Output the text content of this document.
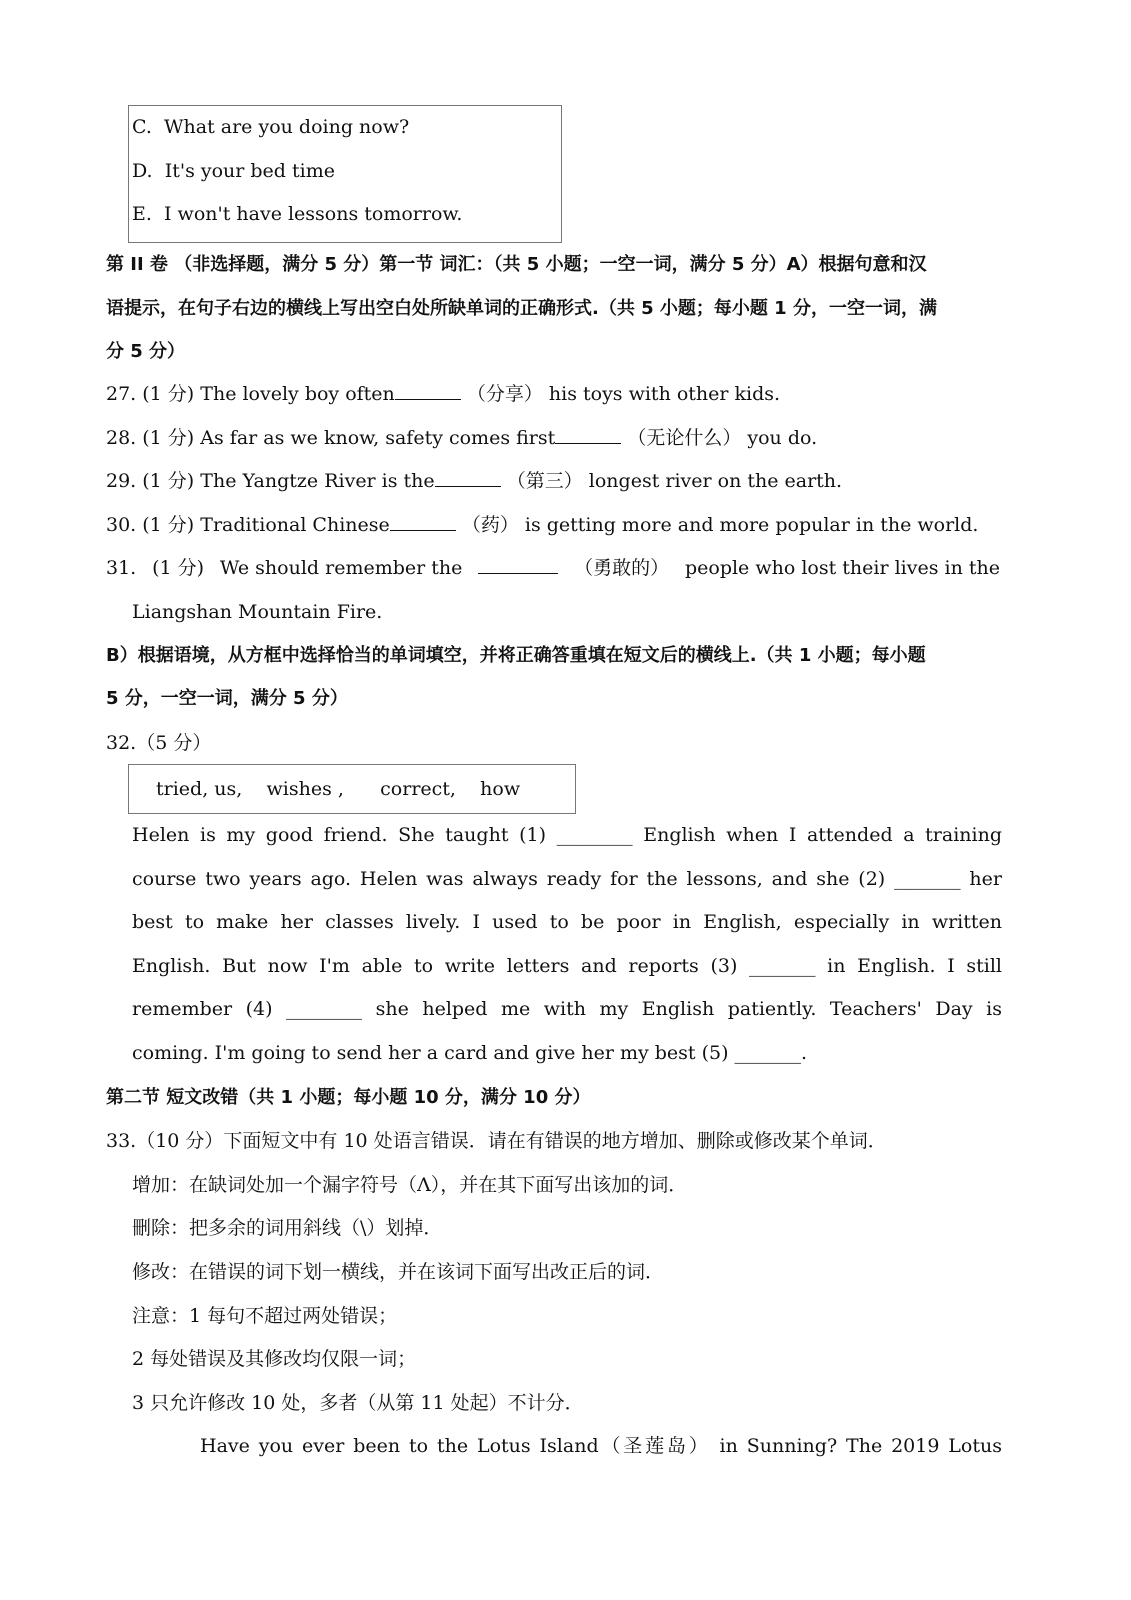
C. What are you doing now?
D. It's your bed time
E. I won't have lessons tomorrow.
第 II 卷 （非选择题，满分 5 分）第一节 词汇：（共 5 小题；一空一词，满分 5 分）A）根据句意和汉
语提示，在句子右边的横线上写出空白处所缺单词的正确形式.（共 5 小题；每小题 1 分，一空一词，满
分 5 分）
27. (1 分) The lovely boy often	（分享） his toys with other kids.
28. (1 分) As far as we know, safety comes first	（无论什么） you do.
29. (1 分) The Yangtze River is the	（第三） longest river on the earth.
30. (1 分) Traditional Chinese	（药） is getting more and more popular in the world.
31. (1 分) We should remember the	（勇敢的） people who lost their lives in the
Liangshan Mountain Fire.
B）根据语境，从方框中选择恰当的单词填空，并将正确答重填在短文后的横线上.（共 1 小题；每小题
5 分，一空一词，满分 5 分）
32.（5 分）
tried, us, wishes , correct, how
Helen is my good friend. She taught (1) ________ English when I attended a training
course two years ago. Helen was always ready for the lessons, and she (2) _______ her
best to make her classes lively. I used to be poor in English, especially in written
English. But now I'm able to write letters and reports (3) _______ in English. I still
remember (4) ________ she helped me with my English patiently. Teachers' Day is
coming. I'm going to send her a card and give her my best (5) _______.
第二节 短文改错（共 1 小题；每小题 10 分，满分 10 分）
33.（10 分）下面短文中有 10 处语言错误．请在有错误的地方增加、删除或修改某个单词．
增加：在缺词处加一个漏字符号（Λ），并在其下面写出该加的词．
刪除：把多余的词用斜线（\）划掉．
修改：在错误的词下划一横线，并在该词下面写出改正后的词．
注意：1 每句不超过两处错误；
2 每处错误及其修改均仅限一词；
3 只允许修改 10 处，多者（从第 11 处起）不计分．
Have you ever been to the Lotus Island（圣莲岛） in Sunning? The 2019 Lotus
